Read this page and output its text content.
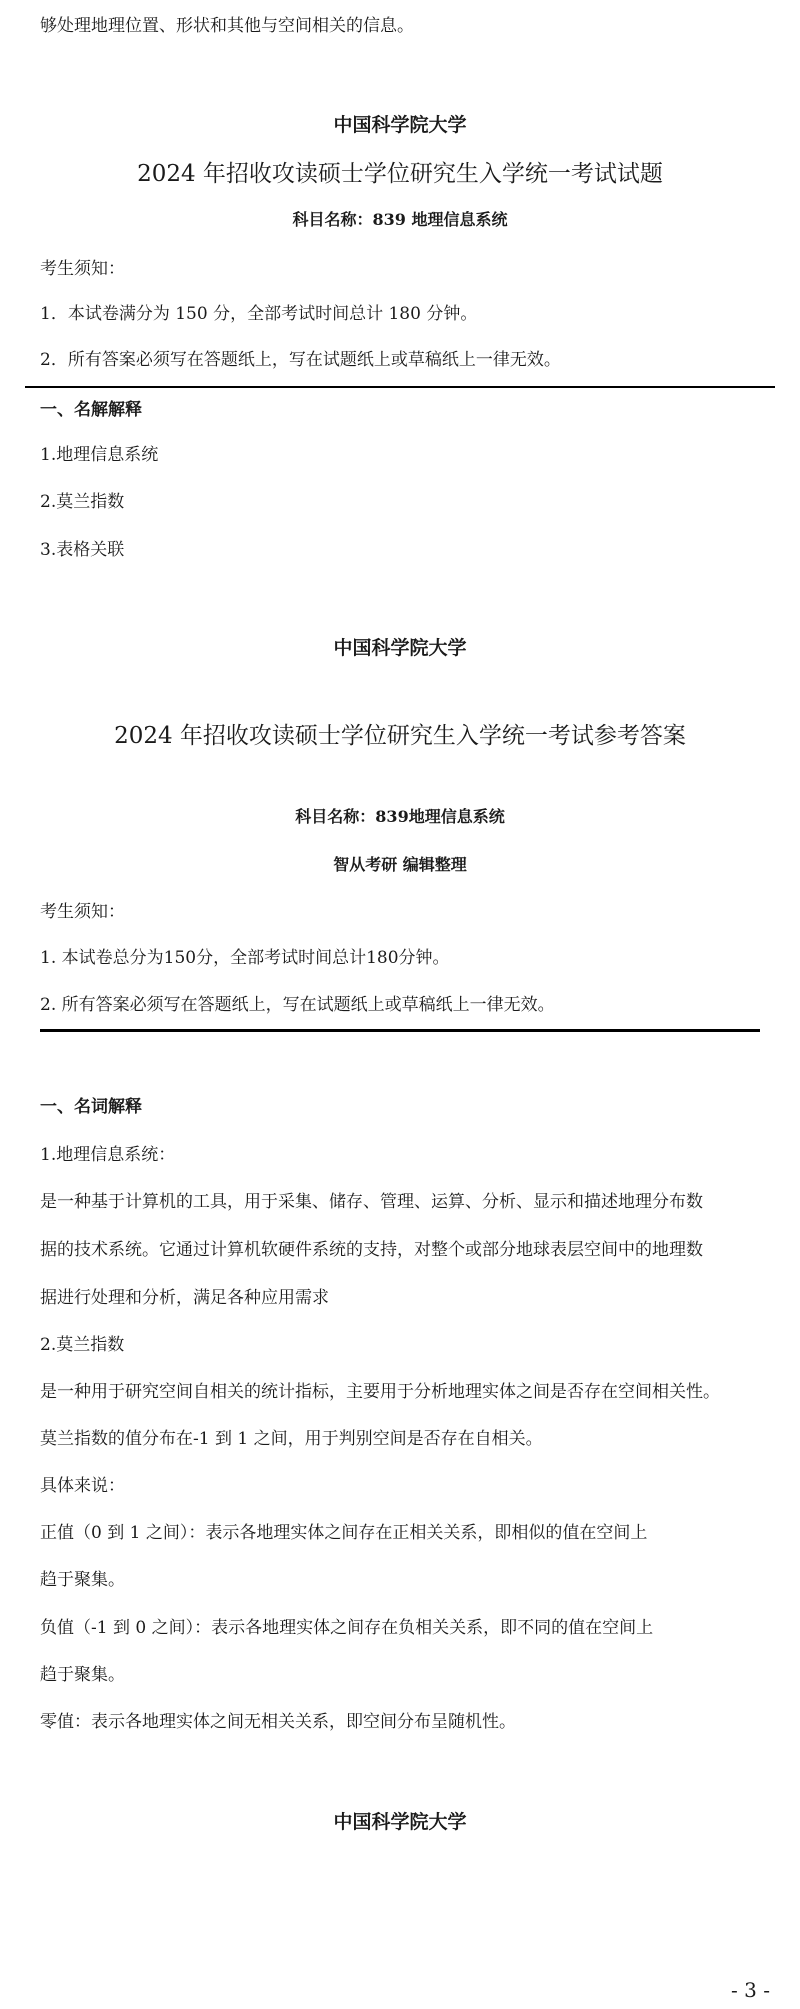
够处理地理位置、形状和其他与空间相关的信息。
中国科学院大学
2024 年招收攻读硕士学位研究生入学统一考试试题
科目名称：839 地理信息系统
考生须知：
1．本试卷满分为 150 分，全部考试时间总计 180 分钟。
2．所有答案必须写在答题纸上，写在试题纸上或草稿纸上一律无效。
一、名解解释
1.地理信息系统
2.莫兰指数
3.表格关联
中国科学院大学
2024 年招收攻读硕士学位研究生入学统一考试参考答案
科目名称：839地理信息系统
智从考研 编辑整理
考生须知：
1. 本试卷总分为150分，全部考试时间总计180分钟。
2. 所有答案必须写在答题纸上，写在试题纸上或草稿纸上一律无效。
一、名词解释
1.地理信息系统：
是一种基于计算机的工具，用于采集、储存、管理、运算、分析、显示和描述地理分布数
据的技术系统。它通过计算机软硬件系统的支持，对整个或部分地球表层空间中的地理数
据进行处理和分析，满足各种应用需求
2.莫兰指数
是一种用于研究空间自相关的统计指标，主要用于分析地理实体之间是否存在空间相关性。
莫兰指数的值分布在-1 到 1 之间，用于判别空间是否存在自相关。
具体来说：
正值（0 到 1 之间）：表示各地理实体之间存在正相关关系，即相似的值在空间上
趋于聚集。
负值（-1 到 0 之间）：表示各地理实体之间存在负相关关系，即不同的值在空间上
趋于聚集。
零值：表示各地理实体之间无相关关系，即空间分布呈随机性。
中国科学院大学
- 3 -
